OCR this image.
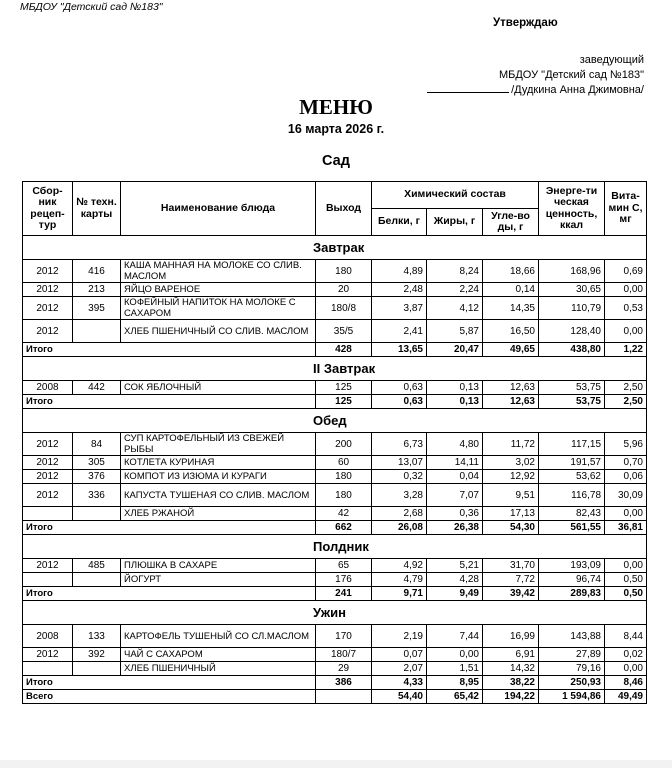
МБДОУ "Детский сад №183"
Утверждаю
заведующий
МБДОУ "Детский сад №183"
/Дудкина Анна Джимовна/
МЕНЮ
16 марта 2026 г.
Сад
Сбор-ник рецеп-тур	№ техн. карты	Наименование блюда	Выход	Химический состав			Энерге-ти ческая ценность, ккал	Вита-мин С, мг
				Белки, г	Жиры, г	Угле-во ды, г		
Завтрак								
2012	416	КАША МАННАЯ НА МОЛОКЕ СО СЛИВ. МАСЛОМ	180	4,89	8,24	18,66	168,96	0,69
2012	213	ЯЙЦО ВАРЕНОЕ	20	2,48	2,24	0,14	30,65	0,00
2012	395	КОФЕЙНЫЙ НАПИТОК НА МОЛОКЕ С САХАРОМ	180/8	3,87	4,12	14,35	110,79	0,53
2012		ХЛЕБ ПШЕНИЧНЫЙ СО СЛИВ. МАСЛОМ	35/5	2,41	5,87	16,50	128,40	0,00
Итого			428	13,65	20,47	49,65	438,80	1,22
II Завтрак								
2008	442	СОК ЯБЛОЧНЫЙ	125	0,63	0,13	12,63	53,75	2,50
Итого			125	0,63	0,13	12,63	53,75	2,50
Обед								
2012	84	СУП КАРТОФЕЛЬНЫЙ ИЗ СВЕЖЕЙ РЫБЫ	200	6,73	4,80	11,72	117,15	5,96
2012	305	КОТЛЕТА КУРИНАЯ	60	13,07	14,11	3,02	191,57	0,70
2012	376	КОМПОТ ИЗ ИЗЮМА И КУРАГИ	180	0,32	0,04	12,92	53,62	0,06
2012	336	КАПУСТА ТУШЕНАЯ СО СЛИВ. МАСЛОМ	180	3,28	7,07	9,51	116,78	30,09
		ХЛЕБ РЖАНОЙ	42	2,68	0,36	17,13	82,43	0,00
Итого			662	26,08	26,38	54,30	561,55	36,81
Полдник								
2012	485	ПЛЮШКА В САХАРЕ	65	4,92	5,21	31,70	193,09	0,00
		ЙОГУРТ	176	4,79	4,28	7,72	96,74	0,50
Итого			241	9,71	9,49	39,42	289,83	0,50
Ужин								
2008	133	КАРТОФЕЛЬ ТУШЕНЫЙ СО СЛ.МАСЛОМ	170	2,19	7,44	16,99	143,88	8,44
2012	392	ЧАЙ С САХАРОМ	180/7	0,07	0,00	6,91	27,89	0,02
		ХЛЕБ ПШЕНИЧНЫЙ	29	2,07	1,51	14,32	79,16	0,00
Итого			386	4,33	8,95	38,22	250,93	8,46
Всего				54,40	65,42	194,22	1 594,86	49,49
